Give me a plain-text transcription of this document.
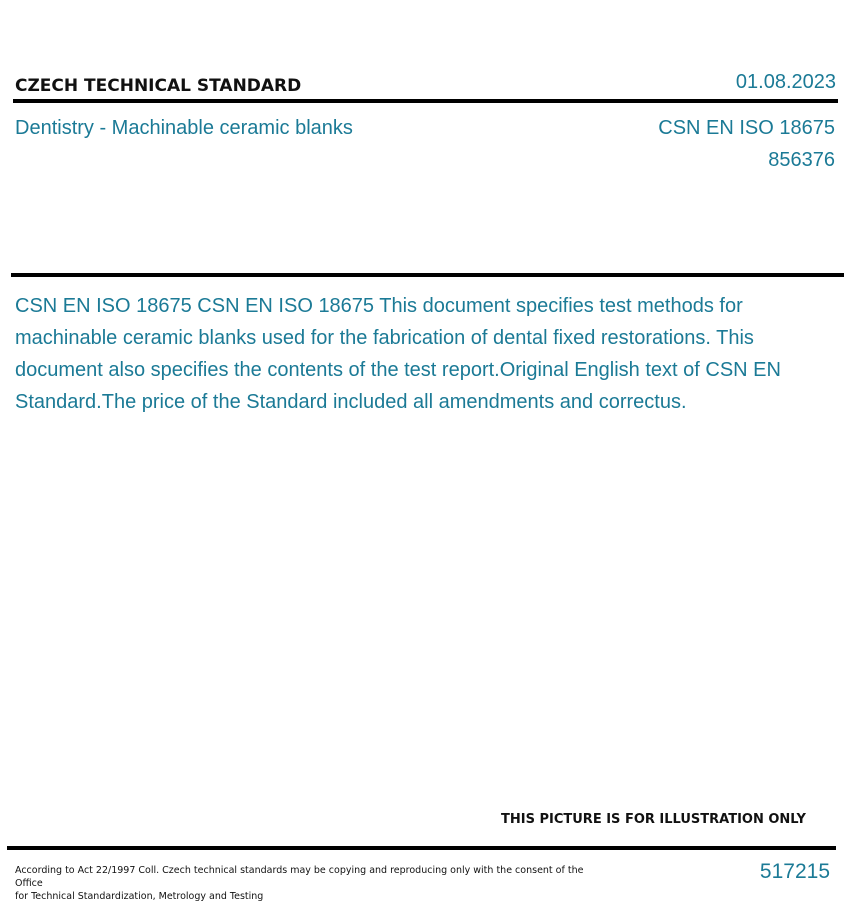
CZECH TECHNICAL STANDARD	01.08.2023
Dentistry - Machinable ceramic blanks	CSN EN ISO 18675
856376
CSN EN ISO 18675 CSN EN ISO 18675 This document specifies test methods for machinable ceramic blanks used for the fabrication of dental fixed restorations. This document also specifies the contents of the test report.Original English text of CSN EN Standard.The price of the Standard included all amendments and correctus.
THIS PICTURE IS FOR ILLUSTRATION ONLY
According to Act 22/1997 Coll. Czech technical standards may be copying and reproducing only with the consent of the Office
for Technical Standardization, Metrology and Testing
517215
